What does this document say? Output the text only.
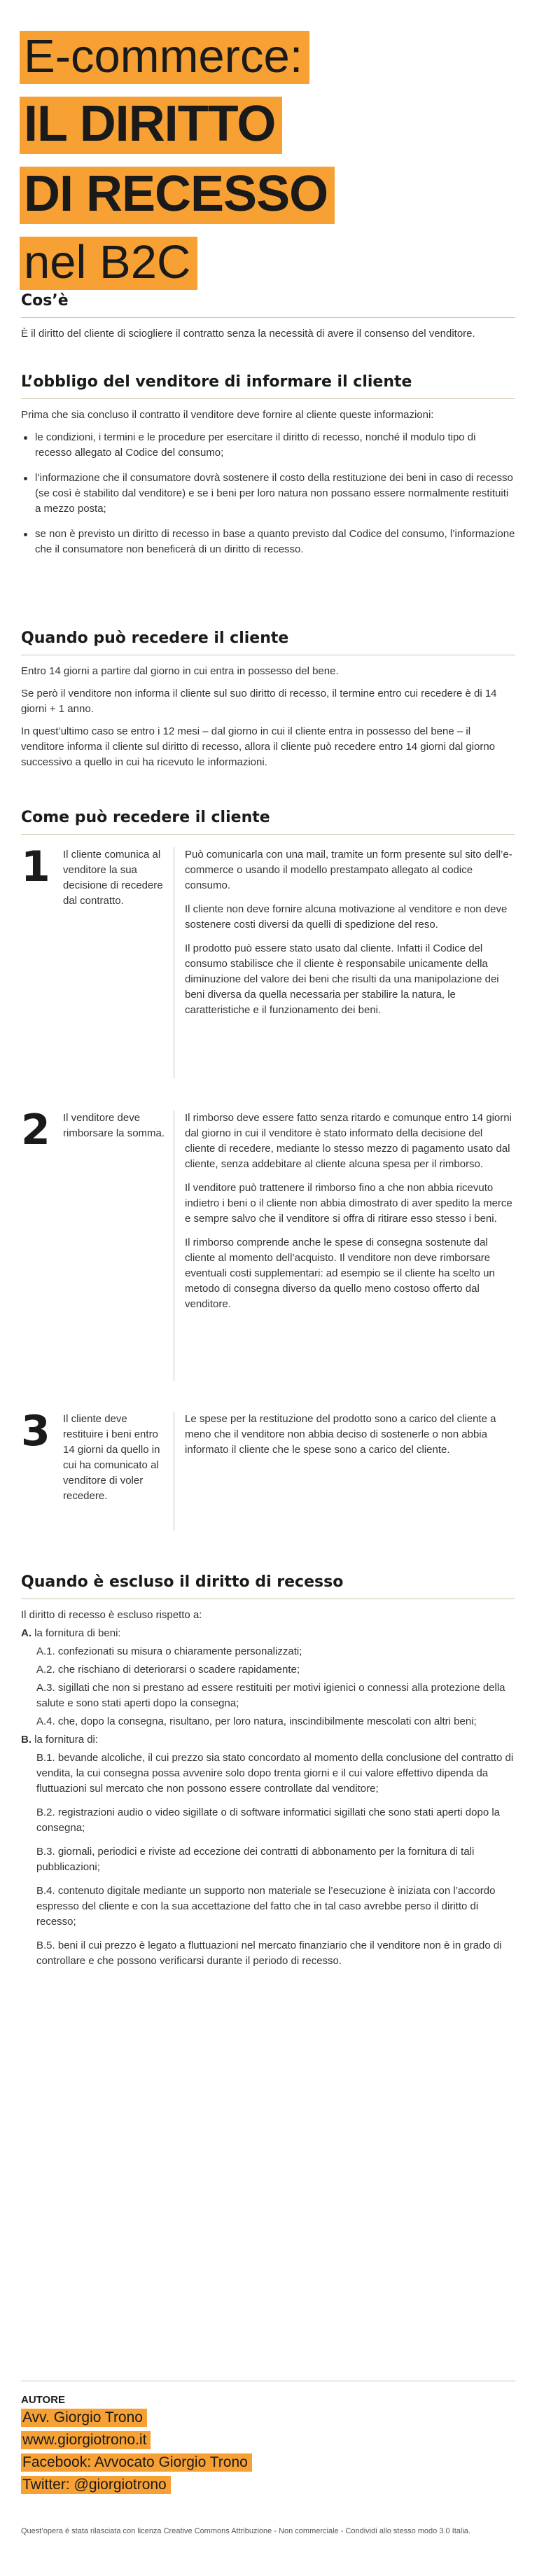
E-commerce:
IL DIRITTO
DI RECESSO
nel B2C
Cos’è

È il diritto del cliente di sciogliere il contratto senza la necessità di avere il consenso del venditore.

L’obbligo del venditore di informare il cliente

Prima che sia concluso il contratto il venditore deve fornire al cliente queste informazioni:

le condizioni, i termini e le procedure per esercitare il diritto di recesso, nonché il modulo tipo di recesso allegato al Codice del consumo;
l’informazione che il consumatore dovrà sostenere il costo della restituzione dei beni in caso di recesso (se così è stabilito dal venditore) e se i beni per loro natura non possano essere normalmente restituiti a mezzo posta;
se non è previsto un diritto di recesso in base a quanto previsto dal Codice del consumo, l’informazione che il consumatore non beneficerà di un diritto di recesso.
Quando può recedere il cliente

Entro 14 giorni a partire dal giorno in cui entra in possesso del bene.

Se però il venditore non informa il cliente sul suo diritto di recesso, il termine entro cui recedere è di 14 giorni + 1 anno.

In quest’ultimo caso se entro i 12 mesi – dal giorno in cui il cliente entra in possesso del bene – il venditore informa il cliente sul diritto di recesso, allora il cliente può recedere entro 14 giorni dal giorno successivo a quello in cui ha ricevuto le informazioni.

Come può recedere il cliente
1	Il cliente comunica al venditore la sua decisione di recedere dal contratto.

Può comunicarla con una mail, tramite un form presente sul sito dell’e-commerce o usando il modello prestampato allegato al codice consumo.

Il cliente non deve fornire alcuna motivazione al venditore e non deve sostenere costi diversi da quelli di spedizione del reso.

Il prodotto può essere stato usato dal cliente. Infatti il Codice del consumo stabilisce che il cliente è responsabile unicamente della diminuzione del valore dei beni che risulti da una manipolazione dei beni diversa da quella necessaria per stabilire la natura, le caratteristiche e il funzionamento dei beni.

2	Il venditore deve rimborsare la somma.

Il rimborso deve essere fatto senza ritardo e comunque entro 14 giorni dal giorno in cui il venditore è stato informato della decisione del cliente di recedere, mediante lo stesso mezzo di pagamento usato dal cliente, senza addebitare al cliente alcuna spesa per il rimborso.

Il venditore può trattenere il rimborso fino a che non abbia ricevuto indietro i beni o il cliente non abbia dimostrato di aver spedito la merce e sempre salvo che il venditore si offra di ritirare esso stesso i beni.

Il rimborso comprende anche le spese di consegna sostenute dal cliente al momento dell’acquisto. Il venditore non deve rimborsare eventuali costi supplementari: ad esempio se il cliente ha scelto un metodo di consegna diverso da quello meno costoso offerto dal venditore.

3	Il cliente deve restituire i beni entro 14 giorni da quello in cui ha comunicato al venditore di voler recedere.

Le spese per la restituzione del prodotto sono a carico del cliente a meno che il venditore non abbia deciso di sostenerle o non abbia informato il cliente che le spese sono a carico del cliente.

Quando è escluso il diritto di recesso

Il diritto di recesso è escluso rispetto a:

A. la fornitura di beni:

A.1. confezionati su misura o chiaramente personalizzati;

A.2. che rischiano di deteriorarsi o scadere rapidamente;

A.3. sigillati che non si prestano ad essere restituiti per motivi igienici o connessi alla protezione della salute e sono stati aperti dopo la consegna;

A.4. che, dopo la consegna, risultano, per loro natura, inscindibilmente mescolati con altri beni;

B. la fornitura di:

B.1. bevande alcoliche, il cui prezzo sia stato concordato al momento della conclusione del contratto di vendita, la cui consegna possa avvenire solo dopo trenta giorni e il cui valore effettivo dipenda da fluttuazioni sul mercato che non possono essere controllate dal venditore;

B.2. registrazioni audio o video sigillate o di software informatici sigillati che sono stati aperti dopo la consegna;

B.3. giornali, periodici e riviste ad eccezione dei contratti di abbonamento per la fornitura di tali pubblicazioni;

B.4. contenuto digitale mediante un supporto non materiale se l’esecuzione è iniziata con l’accordo espresso del cliente e con la sua accettazione del fatto che in tal caso avrebbe perso il diritto di recesso;

B.5. beni il cui prezzo è legato a fluttuazioni nel mercato finanziario che il venditore non è in grado di controllare e che possono verificarsi durante il periodo di recesso.

AUTORE
Avv. Giorgio Trono
www.giorgiotrono.it
Facebook: Avvocato Giorgio Trono
Twitter: @giorgiotrono
Quest’opera è stata rilasciata con licenza Creative Commons Attribuzione - Non commerciale - Condividi allo stesso modo 3.0 Italia.
